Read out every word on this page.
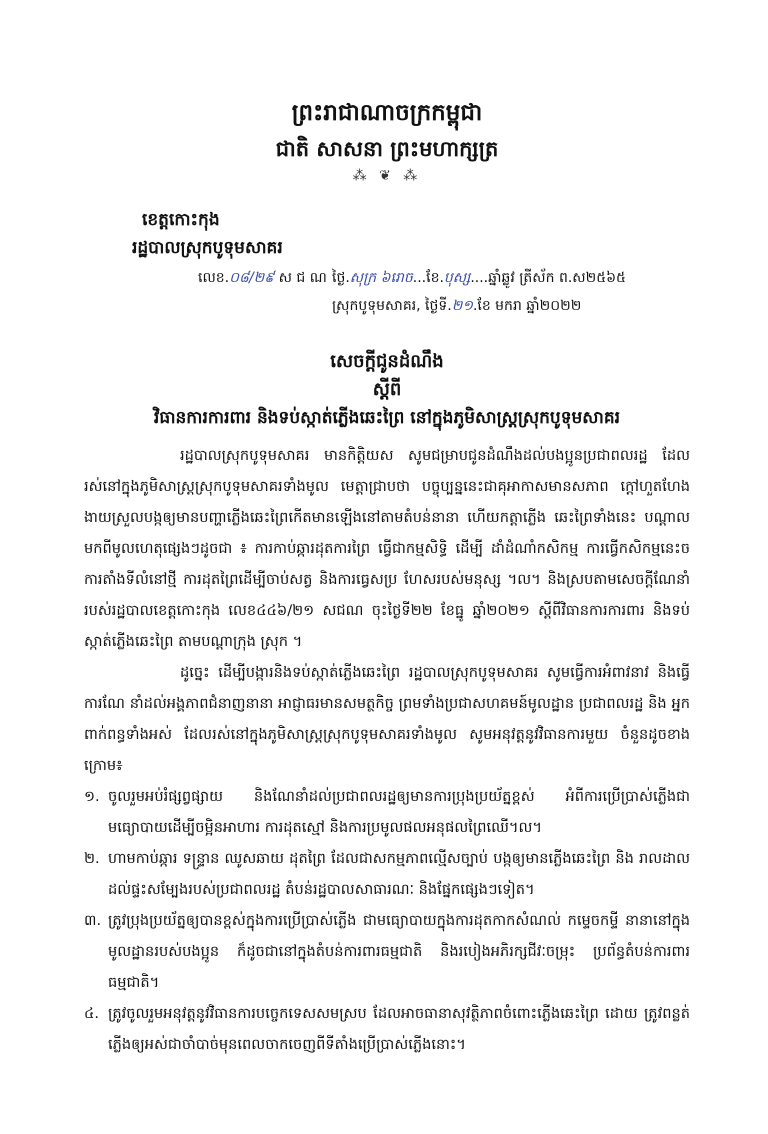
ព្រះរាជាណាចក្រកម្ពុជា

ជាតិ សាសនា ព្រះមហាក្សត្រ

⁂ ❦ ⁂

ខេត្តកោះកុង

រដ្ឋបាលស្រុកបូទុមសាគរ

លេខ.០៨/២៩ ស ជ ណ ថ្ងៃ.សុក្រ ៦រោច...ខែ.បុស្ស....ឆ្នាំឆ្លូវ ត្រីស័ក ព.ស២៥៦៥
ស្រុកបូទុមសាគរ, ថ្ងៃទី.២១.ខែ មករា ឆ្នាំ២០២២

សេចក្តីជូនដំណឹង

ស្តីពី

វិធានការការពារ និងទប់ស្កាត់ភ្លើងឆេះព្រៃ នៅក្នុងភូមិសាស្ត្រស្រុកបូទុមសាគរ

រដ្ឋបាលស្រុកបូទុមសាគរ មានកិត្តិយស សូមជម្រាបជូនដំណឹងដល់បងប្អូនប្រជាពលរដ្ឋ ដែលរស់នៅក្នុងភូមិសាស្ត្រស្រុកបូទុមសាគរទាំងមូល មេត្តាជ្រាបថា បច្ចុប្បន្ននេះជាគុអាកាសមានសភាព ក្តៅហួតហែង ងាយស្រួលបង្កឲ្យមានបញ្ហាភ្លើងឆេះព្រៃកើតមានឡើងនៅតាមតំបន់នានា ហើយកត្តាភ្លើង ឆេះព្រៃទាំងនេះ បណ្តាលមកពីមូលហេតុផ្សេងៗដូចជា ៖ ការកាប់ឆ្ការដុតការព្រៃ ធ្វើជាកម្មសិទ្ធិ ដើម្បី ដាំដំណាំកសិកម្ម ការធ្វើកសិកម្មនេះច ការតាំងទីលំនៅថ្មី ការដុតព្រៃដើម្បីចាប់សត្វ និងការធ្វេសប្រ ហែសរបស់មនុស្ស ។ល។ និងស្របតាមសេចក្តីណែនាំរបស់រដ្ឋបាលខេត្តកោះកុង លេខ៤៤៦/២១ សជណ ចុះថ្ងៃទី២២ ខែធ្នូ ឆ្នាំ២០២១ ស្តីពីវិធានការការពារ និងទប់ស្កាត់ភ្លើងឆេះព្រៃ តាមបណ្តាក្រុង ស្រុក ។

ដូច្នេះ ដើម្បីបង្ការនិងទប់ស្កាត់ភ្លើងឆេះព្រៃ រដ្ឋបាលស្រុកបូទុមសាគរ សូមធ្វើការអំពាវនាវ និងធ្វើការណែ នាំដល់អង្គភាពជំនាញនានា អាជ្ញាធរមានសមត្ថកិច្ច ព្រមទាំងប្រជាសហគមន៍មូលដ្ឋាន ប្រជាពលរដ្ឋ និង អ្នកពាក់ពន្ធទាំងអស់ ដែលរស់នៅក្នុងភូមិសាស្ត្រស្រុកបូទុមសាគរទាំងមូល សូមអនុវត្តនូវវិធានការមួយ ចំនួនដូចខាងក្រោម៖

១. ចូលរួមអប់រំផ្សព្វផ្សាយ និងណែនាំដល់ប្រជាពលរដ្ឋឲ្យមានការប្រុងប្រយ័ត្នខ្ពស់ អំពីការប្រើប្រាស់ភ្លើងជា មធ្យោបាយដើម្បីចម្អិនអាហារ ការដុតស្មៅ និងការប្រមូលផលអនុផលព្រៃឈើ។ល។
២. ហាមកាប់ឆ្ការ ទន្ទ្រាន ឈូសឆាយ ដុតព្រៃ ដែលជាសកម្មភាពល្មើសច្បាប់ បង្កឲ្យមានភ្លើងឆេះព្រៃ និង រាលដាលដល់ផ្ទះសម្បែងរបស់ប្រជាពលរដ្ឋ តំបន់រដ្ឋបាលសាធារណៈ និងផ្នែកផ្សេងៗទៀត។
៣. ត្រូវប្រុងប្រយ័ត្នឲ្យបានខ្ពស់ក្នុងការប្រើប្រាស់ភ្លើង ជាមធ្យោបាយក្នុងការដុតកាកសំណល់ កម្ទេចកម្ទី នានានៅក្នុងមូលដ្ឋានរបស់បងប្អូន ក៏ដូចជានៅក្នុងតំបន់ការពារធម្មជាតិ និងរបៀងអភិរក្សជីវៈចម្រុះ ប្រព័ន្ធតំបន់ការពារធម្មជាតិ។
៤. ត្រូវចូលរួមអនុវត្តនូវវិធានការបច្ចេកទេសសមស្រប ដែលអាចធានាសុវត្ថិភាពចំពោះភ្លើងឆេះព្រៃ ដោយ ត្រូវពន្លត់ភ្លើងឲ្យអស់ជាចាំបាច់មុនពេលចាកចេញពីទីតាំងប្រើប្រាស់ភ្លើងនោះ។
